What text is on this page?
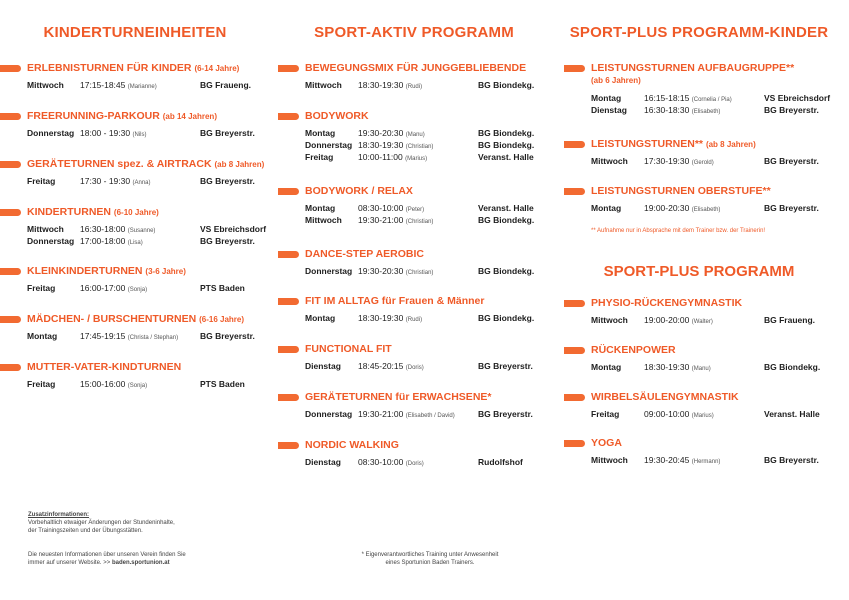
KINDERTURNEINHEITEN
ERLEBNISTURNEN FÜR KINDER (6-14 Jahre)
Mittwoch 17:15-18:45 (Marianne)	BG Fraueng.
FREERUNNING-PARKOUR (ab 14 Jahren)
Donnerstag 18:00 - 19:30 (Nils)	BG Breyerstr.
GERÄTETURNEN spez. & AIRTRACK (ab 8 Jahren)
Freitag	17:30 - 19:30 (Anna)	BG Breyerstr.
KINDERTURNEN (6-10 Jahre)
Mittwoch 16:30-18:00 (Susanne)	VS Ebreichsdorf
Donnerstag 17:00-18:00 (Lisa)	BG Breyerstr.
KLEINKINDERTURNEN (3-6 Jahre)
Freitag	16:00-17:00 (Sonja)	PTS Baden
MÄDCHEN- / BURSCHENTURNEN (6-16 Jahre)
Montag	17:45-19:15 (Christa / Stephan)	BG Breyerstr.
MUTTER-VATER-KINDTURNEN
Freitag	15:00-16:00 (Sonja)	PTS Baden
SPORT-AKTIV PROGRAMM
BEWEGUNGSMIX FÜR JUNGGEBLIEBENDE
Mittwoch 18:30-19:30 (Rudi)	BG Biondekg.
BODYWORK
Montag	19:30-20:30 (Manu)	BG Biondekg.
Donnerstag 18:30-19:30 (Christian)	BG Biondekg.
Freitag	10:00-11:00 (Marius)	Veranst. Halle
BODYWORK / RELAX
Montag	08:30-10:00 (Peter)	Veranst. Halle
Mittwoch 19:30-21:00 (Christian)	BG Biondekg.
DANCE-STEP AEROBIC
Donnerstag 19:30-20:30 (Christian)	BG Biondekg.
FIT IM ALLTAG für Frauen & Männer
Montag	18:30-19:30 (Rudi)	BG Biondekg.
FUNCTIONAL FIT
Dienstag 18:45-20:15 (Doris)	BG Breyerstr.
GERÄTETURNEN für ERWACHSENE*
Donnerstag 19:30-21:00 (Elisabeth / David)	BG Breyerstr.
NORDIC WALKING
Dienstag 08:30-10:00 (Doris)	Rudolfshof
SPORT-PLUS PROGRAMM-KINDER
LEISTUNGSTURNEN AUFBAUGRUPPE**
(ab 6 Jahren)
Montag	16:15-18:15 (Cornelia / Pia)	VS Ebreichsdorf
Dienstag 16:30-18:30 (Elisabeth)	BG Breyerstr.
LEISTUNGSTURNEN** (ab 8 Jahren)
Mittwoch 17:30-19:30 (Gerold)	BG Breyerstr.
LEISTUNGSTURNEN OBERSTUFE**
Montag	19:00-20:30 (Elisabeth)	BG Breyerstr.
** Aufnahme nur in Absprache mit dem Trainer bzw. der Trainerin!
SPORT-PLUS PROGRAMM
PHYSIO-RÜCKENGYMNASTIK
Mittwoch 19:00-20:00 (Walter)	BG Fraueng.
RÜCKENPOWER
Montag	18:30-19:30 (Manu)	BG Biondekg.
WIRBELSÄULENGYMNASTIK
Freitag	09:00-10:00 (Marius)	Veranst. Halle
YOGA
Mittwoch 19:30-20:45 (Hermann)	BG Breyerstr.
Zusatzinformationen:
Vorbehaltlich etwaiger Änderungen der Stundeninhalte,
der Trainingszeiten und der Übungsstätten.
Die neuesten Informationen über unseren Verein finden Sie
immer auf unserer Website. >> baden.sportunion.at
* Eigenverantwortliches Training unter Anwesenheit
eines Sportunion Baden Trainers.
